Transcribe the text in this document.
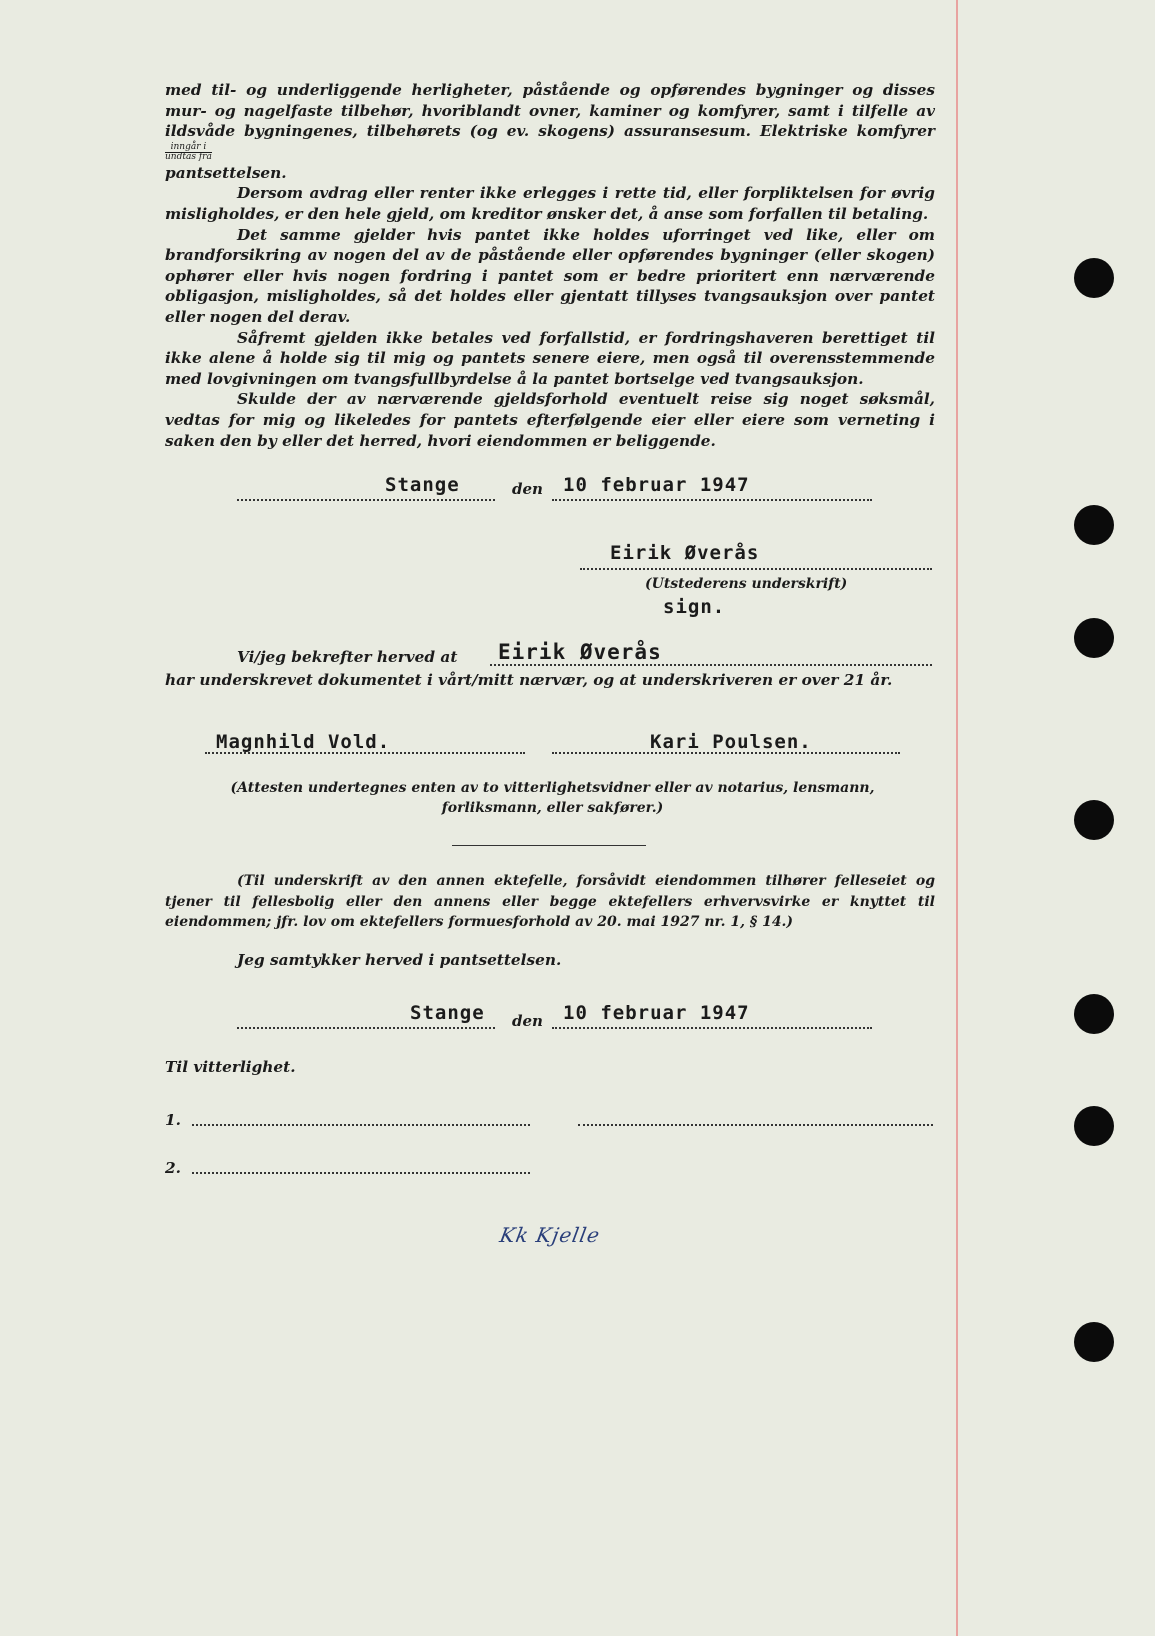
med til- og underliggende herligheter, påstående og opførendes bygninger og disses mur- og nagelfaste tilbehør, hvoriblandt ovner, kaminer og komfyrer, samt i tilfelle av ildsvåde bygningenes, tilbehørets (og ev. skogens) assuransesum. Elektriske komfyrer
inngår i
undtas fra

pantsettelsen.

Dersom avdrag eller renter ikke erlegges i rette tid, eller forpliktelsen for øvrig misligholdes, er den hele gjeld, om kreditor ønsker det, å anse som forfallen til betaling.

Det samme gjelder hvis pantet ikke holdes uforringet ved like, eller om brandforsikring av nogen del av de påstående eller opførendes bygninger (eller skogen) ophører eller hvis nogen fordring i pantet som er bedre prioritert enn nærværende obligasjon, misligholdes, så det holdes eller gjentatt tillyses tvangsauksjon over pantet eller nogen del derav.

Såfremt gjelden ikke betales ved forfallstid, er fordringshaveren berettiget til ikke alene å holde sig til mig og pantets senere eiere, men også til overensstemmende med lovgivningen om tvangsfullbyrdelse å la pantet bortselge ved tvangsauksjon.

Skulde der av nærværende gjeldsforhold eventuelt reise sig noget søksmål, vedtas for mig og likeledes for pantets efterfølgende eier eller eiere som verneting i saken den by eller det herred, hvori eiendommen er beliggende.

Stange	den 10 februar 1947
Eirik Øverås
(Utstederens underskrift)
sign.
Vi/jeg bekrefter herved at Eirik Øverås
har underskrevet dokumentet i vårt/mitt nærvær, og at underskriveren er over 21 år.
Magnhild Vold.	Kari Poulsen.
(Attesten undertegnes enten av to vitterlighetsvidner eller av notarius, lensmann, forliksmann, eller sakfører.)
(Til underskrift av den annen ektefelle, forsåvidt eiendommen tilhører felleseiet og tjener til fellesbolig eller den annens eller begge ektefellers erhvervsvirke er knyttet til eiendommen; jfr. lov om ektefellers formuesforhold av 20. mai 1927 nr. 1, § 14.)
Jeg samtykker herved i pantsettelsen.
Stange den 10 februar 1947
Til vitterlighet.
1.
2.
Kk Kjelle
